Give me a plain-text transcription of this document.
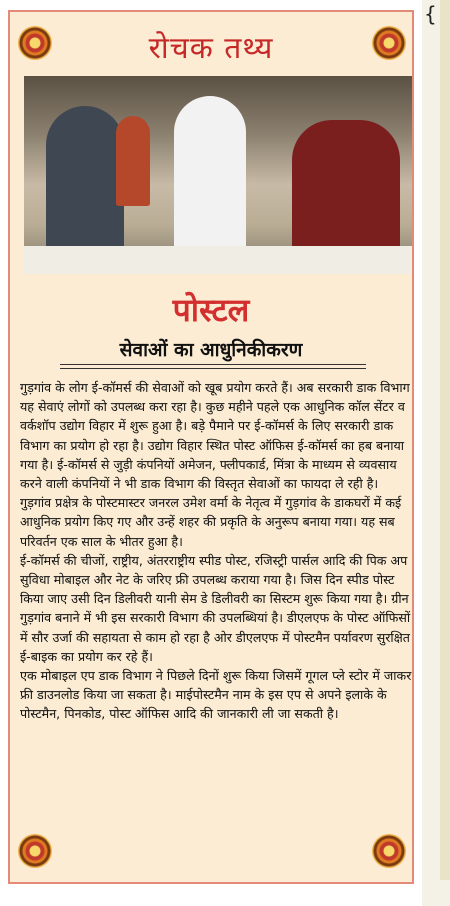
{
रोचक तथ्य
पोस्टल
सेवाओं का आधुनिकीकरण

गुड़गांव के लोग ई-कॉमर्स की सेवाओं को खूब प्रयोग करते हैं। अब सरकारी डाक विभाग यह सेवाएं लोगों को उपलब्ध करा रहा है। कुछ महीने पहले एक आधुनिक कॉल सेंटर व वर्कशॉप उद्योग विहार में शुरू हुआ है। बड़े पैमाने पर ई-कॉमर्स के लिए सरकारी डाक विभाग का प्रयोग हो रहा है। उद्योग विहार स्थित पोस्ट ऑफिस ई-कॉमर्स का हब बनाया गया है। ई-कॉमर्स से जुड़ी कंपनियों अमेजन, फ्लीपकार्ड, मिंत्रा के माध्यम से व्यवसाय करने वाली कंपनियों ने भी डाक विभाग की विस्तृत सेवाओं का फायदा ले रही है। गुड़गांव प्रक्षेत्र के पोस्टमास्टर जनरल उमेश वर्मा के नेतृत्व में गुड़गांव के डाकघरों में कई आधुनिक प्रयोग किए गए और उन्हें शहर की प्रकृति के अनुरूप बनाया गया। यह सब परिवर्तन एक साल के भीतर हुआ है।

ई-कॉमर्स की चीजों, राष्ट्रीय, अंतरराष्ट्रीय स्पीड पोस्ट, रजिस्ट्री पार्सल आदि की पिक अप सुविधा मोबाइल और नेट के जरिए फ्री उपलब्ध कराया गया है। जिस दिन स्पीड पोस्ट किया जाए उसी दिन डिलीवरी यानी सेम डे डिलीवरी का सिस्टम शुरू किया गया है। ग्रीन गुड़गांव बनाने में भी इस सरकारी विभाग की उपलब्धियां है। डीएलएफ के पोस्ट ऑफिसों में सौर उर्जा की सहायता से काम हो रहा है ओर डीएलएफ में पोस्टमैन पर्यावरण सुरक्षित ई-बाइक का प्रयोग कर रहे हैं।

एक मोबाइल एप डाक विभाग ने पिछले दिनों शुरू किया जिसमें गूगल प्ले स्टोर में जाकर फ्री डाउनलोड किया जा सकता है। माईपोस्टमैन नाम के इस एप से अपने इलाके के पोस्टमैन, पिनकोड, पोस्ट ऑफिस आदि की जानकारी ली जा सकती है।
